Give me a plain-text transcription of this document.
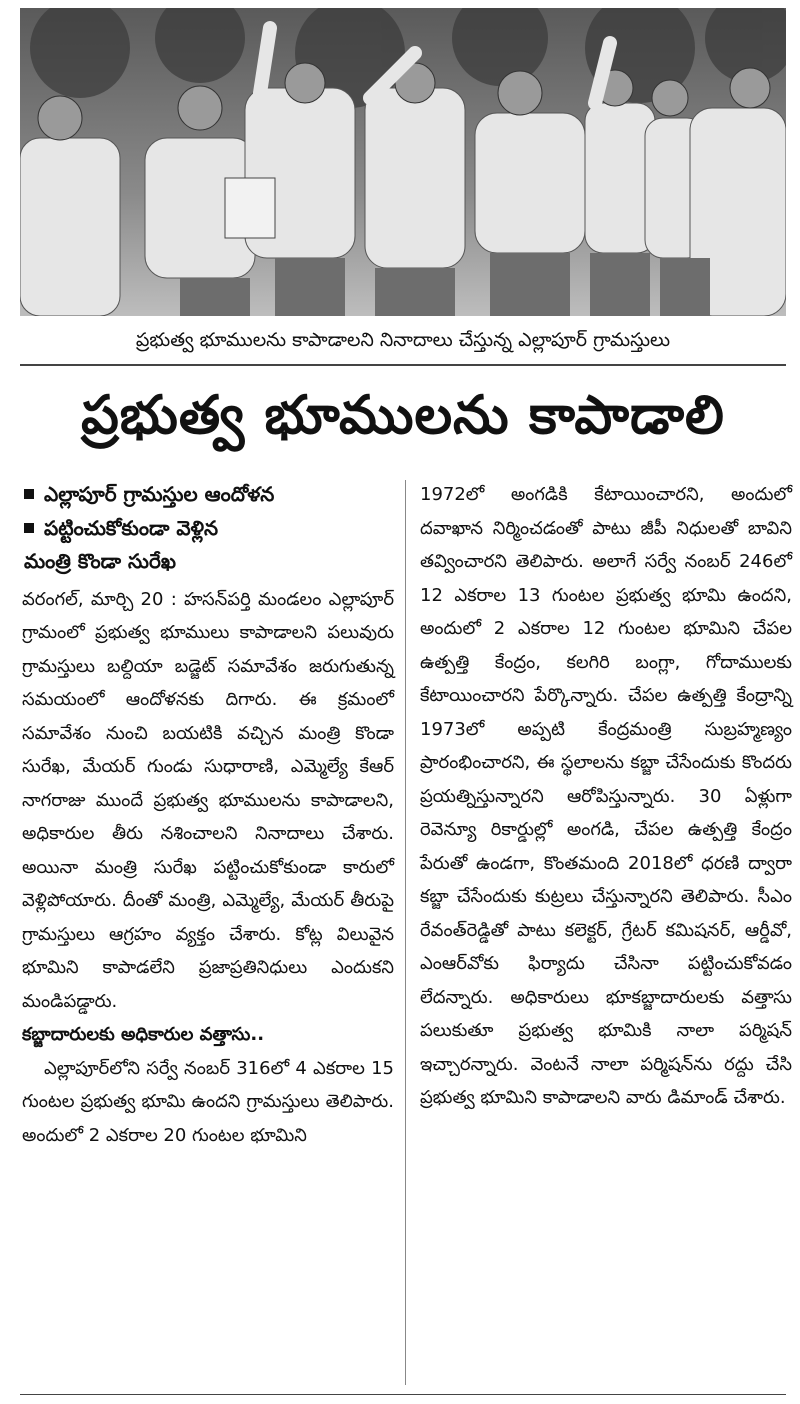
ప్రభుత్వ భూములను కాపాడాలని నినాదాలు చేస్తున్న ఎల్లాపూర్ గ్రామస్తులు
ప్రభుత్వ భూములను కాపాడాలి
ఎల్లాపూర్ గ్రామస్తుల ఆందోళన
పట్టించుకోకుండా వెళ్లిన
మంత్రి కొండా సురేఖ

వరంగల్, మార్చి 20 : హసన్‌పర్తి మండలం ఎల్లాపూర్ గ్రామంలో ప్రభుత్వ భూములు కాపాడాలని పలువురు గ్రామస్తులు బల్దియా బడ్జెట్ సమావేశం జరుగుతున్న సమయంలో ఆందోళనకు దిగారు. ఈ క్రమంలో సమావేశం నుంచి బయటికి వచ్చిన మంత్రి కొండా సురేఖ, మేయర్ గుండు సుధారాణి, ఎమ్మెల్యే కేఆర్ నాగరాజు ముందే ప్రభుత్వ భూములను కాపాడాలని, అధికారుల తీరు నశించాలని నినాదాలు చేశారు. అయినా మంత్రి సురేఖ పట్టించుకోకుండా కారులో వెళ్లిపోయారు. దీంతో మంత్రి, ఎమ్మెల్యే, మేయర్ తీరుపై గ్రామస్తులు ఆగ్రహం వ్యక్తం చేశారు. కోట్ల విలువైన భూమిని కాపాడలేని ప్రజాప్రతినిధులు ఎందుకని మండిపడ్డారు.

కబ్జాదారులకు అధికారుల వత్తాసు..

ఎల్లాపూర్‌లోని సర్వే నంబర్ 316లో 4 ఎకరాల 15 గుంటల ప్రభుత్వ భూమి ఉందని గ్రామస్తులు తెలిపారు. అందులో 2 ఎకరాల 20 గుంటల భూమిని

1972లో అంగడికి కేటాయించారని, అందులో దవాఖాన నిర్మించడంతో పాటు జీపీ నిధులతో బావిని తవ్వించారని తెలిపారు. అలాగే సర్వే నంబర్ 246లో 12 ఎకరాల 13 గుంటల ప్రభుత్వ భూమి ఉందని, అందులో 2 ఎకరాల 12 గుంటల భూమిని చేపల ఉత్పత్తి కేంద్రం, కలగిరి బంగ్లా, గోదాములకు కేటాయించారని పేర్కొన్నారు. చేపల ఉత్పత్తి కేంద్రాన్ని 1973లో అప్పటి కేంద్రమంత్రి సుబ్రహ్మణ్యం ప్రారంభించారని, ఈ స్థలాలను కబ్జా చేసేందుకు కొందరు ప్రయత్నిస్తున్నారని ఆరోపిస్తున్నారు. 30 ఏళ్లుగా రెవెన్యూ రికార్డుల్లో అంగడి, చేపల ఉత్పత్తి కేంద్రం పేరుతో ఉండగా, కొంతమంది 2018లో ధరణి ద్వారా కబ్జా చేసేందుకు కుట్రలు చేస్తున్నారని తెలిపారు. సీఎం రేవంత్‌రెడ్డితో పాటు కలెక్టర్, గ్రేటర్ కమిషనర్, ఆర్డీవో, ఎంఆర్‌వోకు ఫిర్యాదు చేసినా పట్టించుకోవడం లేదన్నారు. అధికారులు భూకబ్జాదారులకు వత్తాసు పలుకుతూ ప్రభుత్వ భూమికి నాలా పర్మిషన్ ఇచ్చారన్నారు. వెంటనే నాలా పర్మిషన్‌ను రద్దు చేసి ప్రభుత్వ భూమిని కాపాడాలని వారు డిమాండ్ చేశారు.
